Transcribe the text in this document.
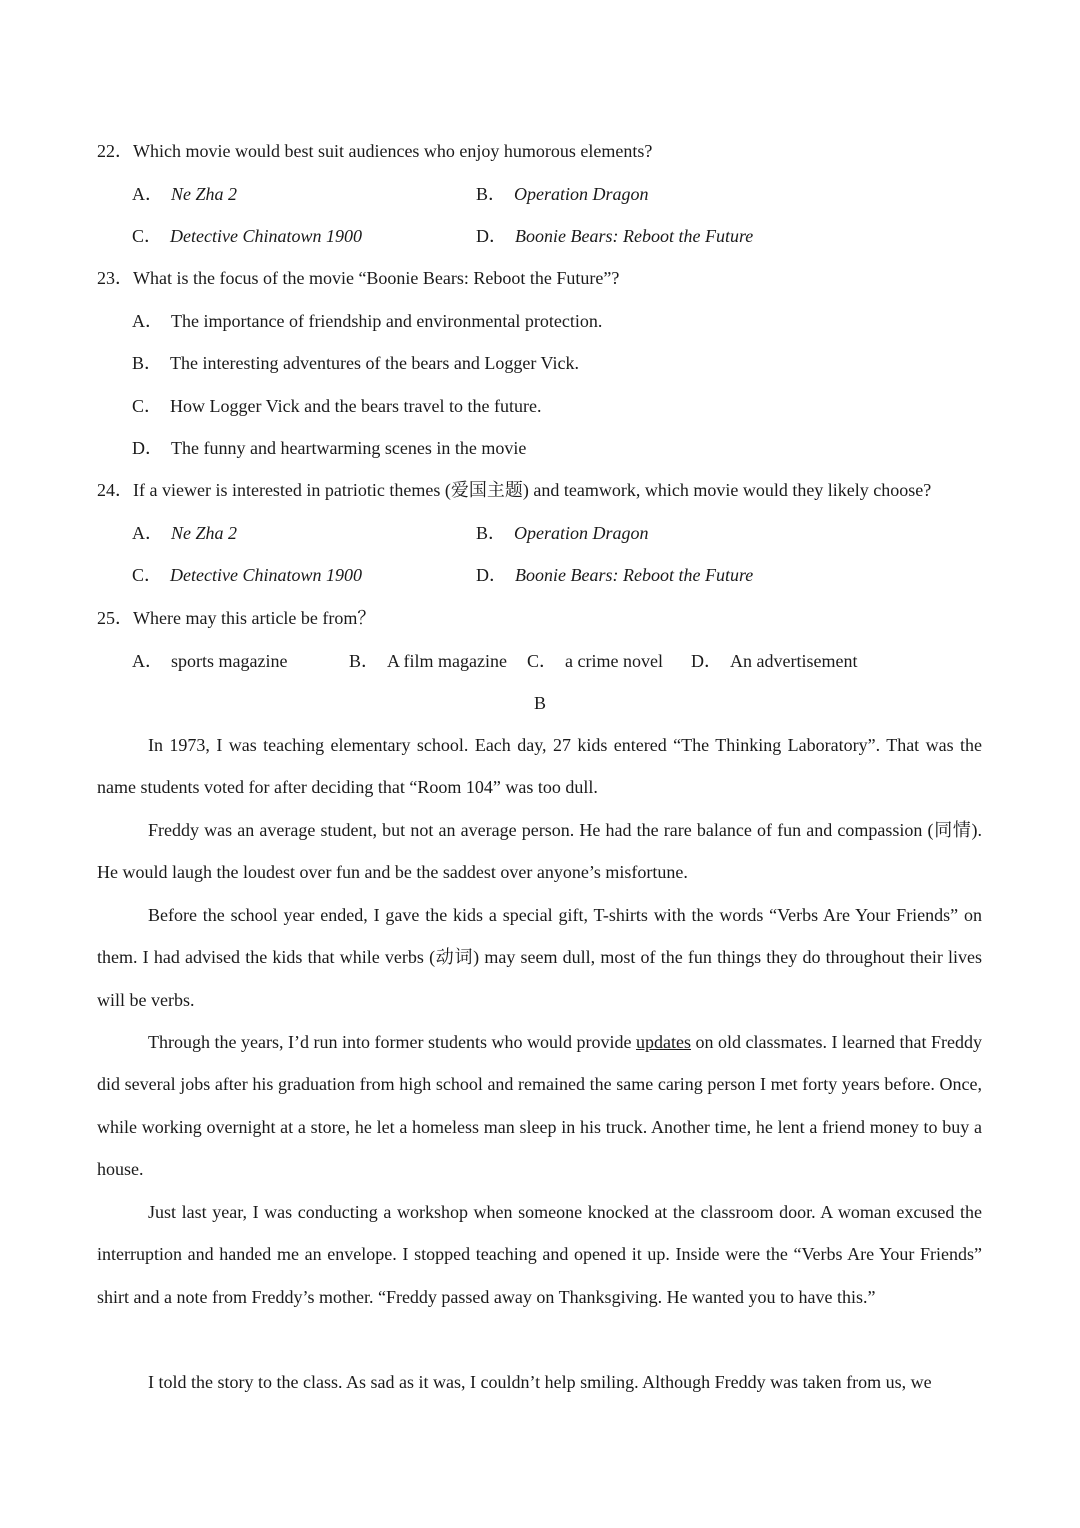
22．Which movie would best suit audiences who enjoy humorous elements?
A． Ne Zha 2	B． Operation Dragon
C． Detective Chinatown 1900	D． Boonie Bears: Reboot the Future
23．What is the focus of the movie “Boonie Bears: Reboot the Future”?
A． The importance of friendship and environmental protection.
B． The interesting adventures of the bears and Logger Vick.
C． How Logger Vick and the bears travel to the future.
D． The funny and heartwarming scenes in the movie
24．If a viewer is interested in patriotic themes (爱国主题) and teamwork, which movie would they likely choose?
A． Ne Zha 2	B． Operation Dragon
C． Detective Chinatown 1900	D． Boonie Bears: Reboot the Future
25．Where may this article be from？
A． sports magazine	B． A film magazine C． a crime novel D． An advertisement
B

In 1973, I was teaching elementary school. Each day, 27 kids entered “The Thinking Laboratory”. That was the name students voted for after deciding that “Room 104” was too dull.

Freddy was an average student, but not an average person. He had the rare balance of fun and compassion (同情). He would laugh the loudest over fun and be the saddest over anyone’s misfortune.

Before the school year ended, I gave the kids a special gift, T-shirts with the words “Verbs Are Your Friends” on them. I had advised the kids that while verbs (动词) may seem dull, most of the fun things they do throughout their lives will be verbs.

Through the years, I’d run into former students who would provide updates on old classmates. I learned that Freddy did several jobs after his graduation from high school and remained the same caring person I met forty years before. Once, while working overnight at a store, he let a homeless man sleep in his truck. Another time, he lent a friend money to buy a house.

Just last year, I was conducting a workshop when someone knocked at the classroom door. A woman excused the interruption and handed me an envelope. I stopped teaching and opened it up. Inside were the “Verbs Are Your Friends” shirt and a note from Freddy’s mother. “Freddy passed away on Thanksgiving. He wanted you to have this.”

I told the story to the class. As sad as it was, I couldn’t help smiling. Although Freddy was taken from us, we
